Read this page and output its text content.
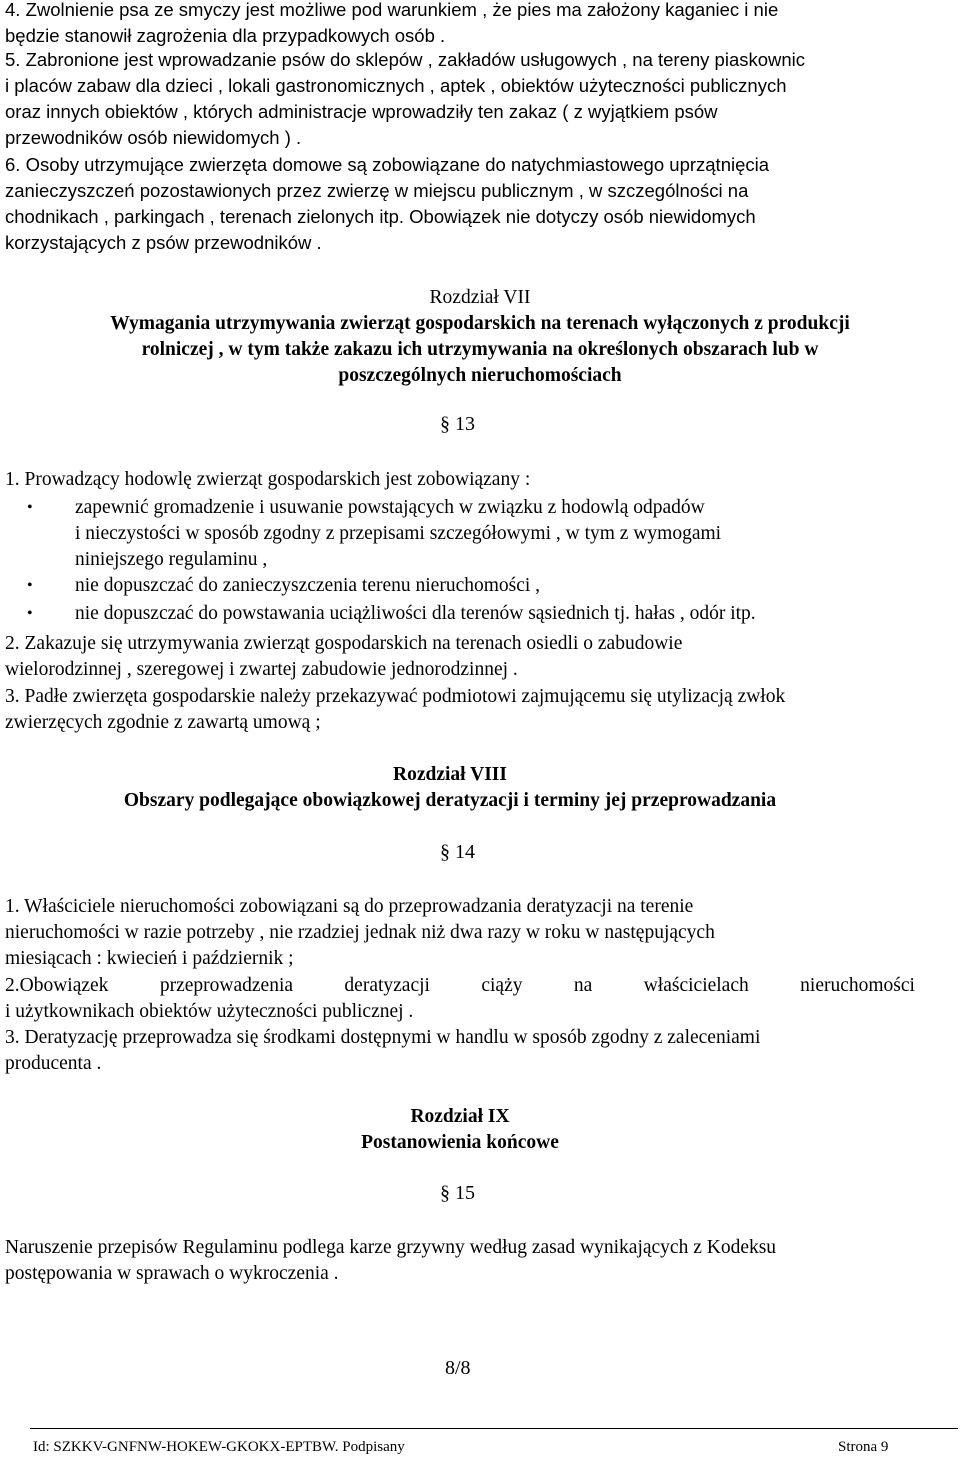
4. Zwolnienie psa ze smyczy jest możliwe pod warunkiem , że pies ma założony kaganiec i nie
będzie stanowił zagrożenia dla przypadkowych osób .
5. Zabronione jest wprowadzanie psów do sklepów , zakładów usługowych , na tereny piaskownic
i placów zabaw dla dzieci , lokali gastronomicznych , aptek , obiektów użyteczności publicznych
oraz innych obiektów , których administracje wprowadziły ten zakaz ( z wyjątkiem psów
przewodników osób niewidomych ) .
6. Osoby utrzymujące zwierzęta domowe są zobowiązane do natychmiastowego uprzątnięcia
zanieczyszczeń pozostawionych przez zwierzę w miejscu publicznym , w szczególności na
chodnikach , parkingach , terenach zielonych itp. Obowiązek nie dotyczy osób niewidomych
korzystających z psów przewodników .
Rozdział VII
Wymagania utrzymywania zwierząt gospodarskich na terenach wyłączonych z produkcji
rolniczej , w tym także zakazu ich utrzymywania na określonych obszarach lub w
poszczególnych nieruchomościach
§ 13
1. Prowadzący hodowlę zwierząt gospodarskich jest zobowiązany :
• zapewnić gromadzenie i usuwanie powstających w związku z hodowlą odpadów
i nieczystości w sposób zgodny z przepisami szczegółowymi , w tym z wymogami
niniejszego regulaminu ,
• nie dopuszczać do zanieczyszczenia terenu nieruchomości ,
• nie dopuszczać do powstawania uciążliwości dla terenów sąsiednich tj. hałas , odór itp.
2. Zakazuje się utrzymywania zwierząt gospodarskich na terenach osiedli o zabudowie
wielorodzinnej , szeregowej i zwartej zabudowie jednorodzinnej .
3. Padłe zwierzęta gospodarskie należy przekazywać podmiotowi zajmującemu się utylizacją zwłok
zwierzęcych zgodnie z zawartą umową ;
Rozdział VIII
Obszary podlegające obowiązkowej deratyzacji i terminy jej przeprowadzania
§ 14
1. Właściciele nieruchomości zobowiązani są do przeprowadzania deratyzacji na terenie
nieruchomości w razie potrzeby , nie rzadziej jednak niż dwa razy w roku w następujących
miesiącach : kwiecień i październik ;
2.Obowiązek	przeprowadzenia	deratyzacji	ciąży	na	właścicielach	nieruchomości
i użytkownikach obiektów użyteczności publicznej .
3. Deratyzację przeprowadza się środkami dostępnymi w handlu w sposób zgodny z zaleceniami
producenta .
Rozdział IX
Postanowienia końcowe
§ 15
Naruszenie przepisów Regulaminu podlega karze grzywny według zasad wynikających z Kodeksu
postępowania w sprawach o wykroczenia .
8/8
Id: SZKKV-GNFNW-HOKEW-GKOKX-EPTBW. Podpisany	Strona 9
